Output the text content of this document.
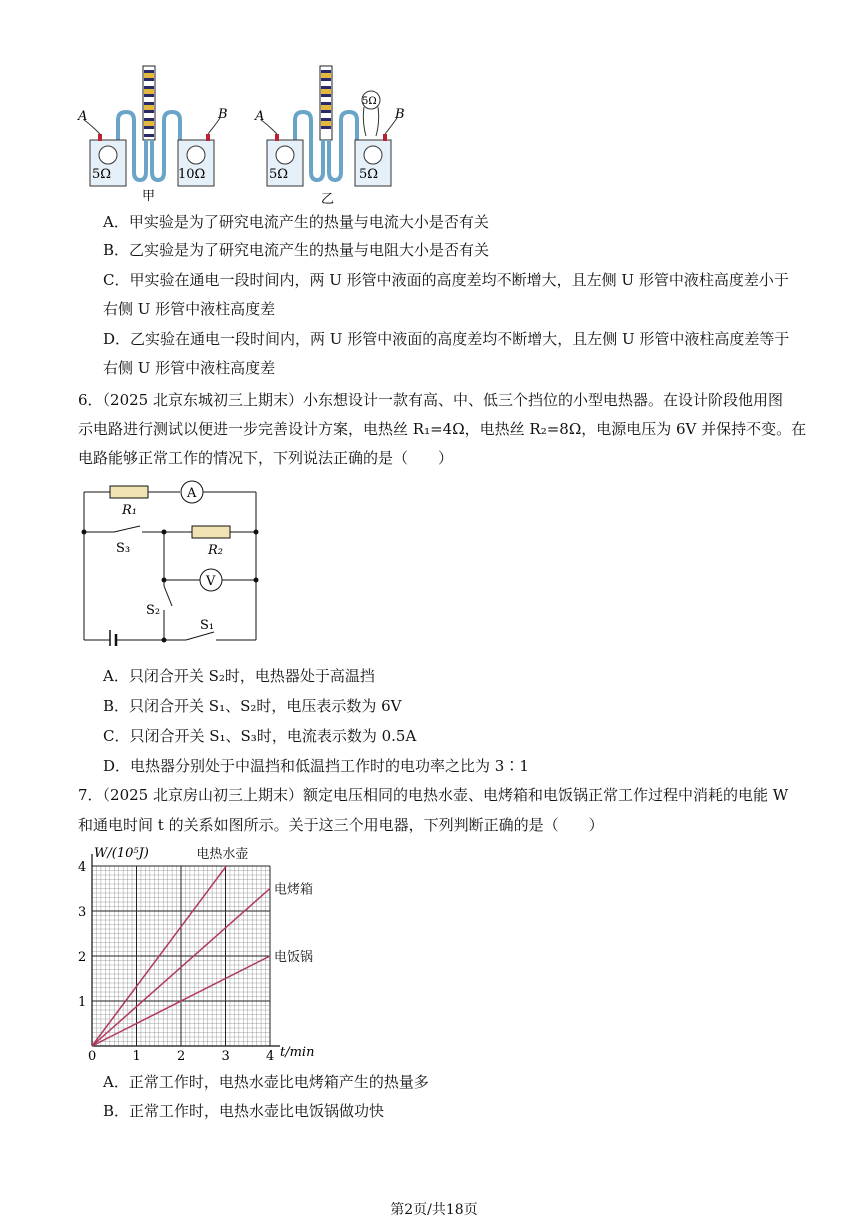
5Ω	10Ω
A	B
甲
5Ω	5Ω
5Ω
A	B
乙
A．甲实验是为了研究电流产生的热量与电流大小是否有关
B．乙实验是为了研究电流产生的热量与电阻大小是否有关
C．甲实验在通电一段时间内，两 U 形管中液面的高度差均不断增大，且左侧 U 形管中液柱高度差小于
右侧 U 形管中液柱高度差
D．乙实验在通电一段时间内，两 U 形管中液面的高度差均不断增大，且左侧 U 形管中液柱高度差等于
右侧 U 形管中液柱高度差
6．（2025 北京东城初三上期末）小东想设计一款有高、中、低三个挡位的小型电热器。在设计阶段他用图
示电路进行测试以便进一步完善设计方案，电热丝 R₁=4Ω，电热丝 R₂=8Ω，电源电压为 6V 并保持不变。在
电路能够正常工作的情况下，下列说法正确的是（　　）
A
R₁
S₃	R₂
V
S₂
S₁
A．只闭合开关 S₂时，电热器处于高温挡
B．只闭合开关 S₁、S₂时，电压表示数为 6V
C．只闭合开关 S₁、S₃时，电流表示数为 0.5A
D．电热器分别处于中温挡和低温挡工作时的电功率之比为 3∶1
7．（2025 北京房山初三上期末）额定电压相同的电热水壶、电烤箱和电饭锅正常工作过程中消耗的电能 W
和通电时间 t 的关系如图所示。关于这三个用电器，下列判断正确的是（　　）
0	1	2	3	4
1
2
3
4
电热水壶
电烤箱
电饭锅
W/(10⁵J)
t/min
A．正常工作时，电热水壶比电烤箱产生的热量多
B．正常工作时，电热水壶比电饭锅做功快
第2页/共18页
